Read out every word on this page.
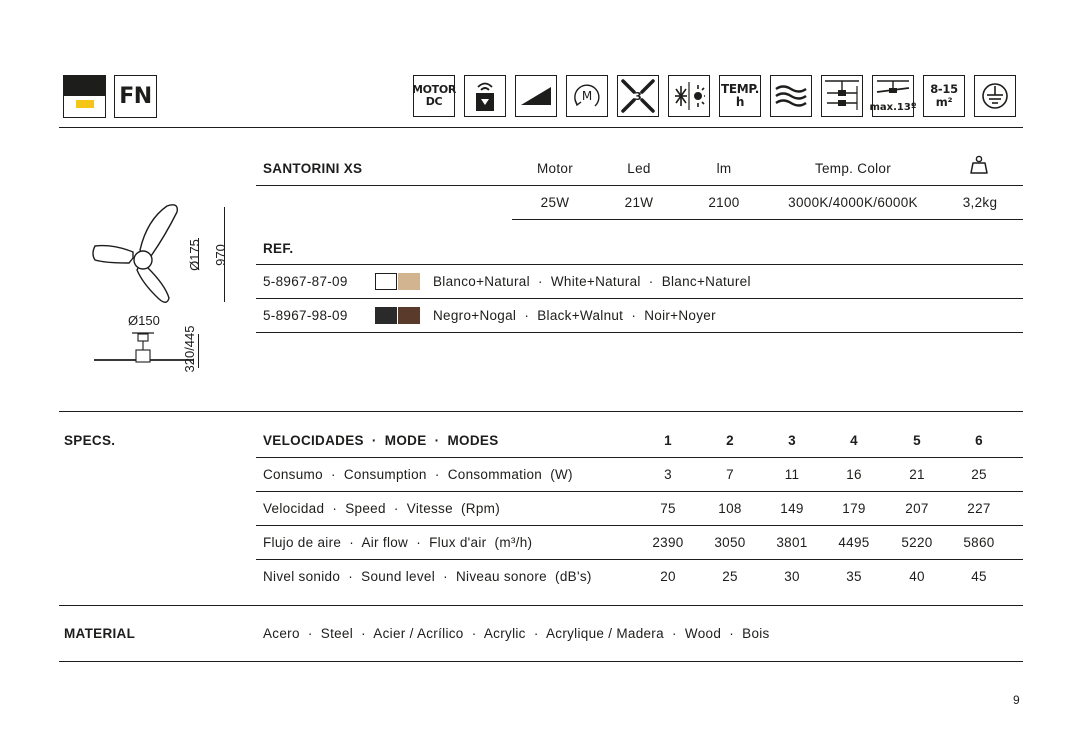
FN	MOTOR
DC	M	3
TEMP.
h	max.13º
8-15
m²
Ø175 970
Ø150
320/445
SANTORINI XS	Motor	Led	lm	Temp. Color
25W	21W	2100	3000K/4000K/6000K	3,2kg
REF.
5-8967-87-09	Blanco+Natural  ·  White+Natural  ·  Blanc+Naturel
5-8967-98-09	Negro+Nogal  ·  Black+Walnut  ·  Noir+Noyer
SPECS.	VELOCIDADES  ·  MODE  ·  MODES	1	2	3	4	5	6
Consumo  ·  Consumption  ·  Consommation  (W)	3	7	11	16	21	25
Velocidad  ·  Speed  ·  Vitesse  (Rpm)	75	108	149	179	207	227
Flujo de aire  ·  Air flow  ·  Flux d'air  (m³/h)	2390	3050	3801	4495	5220	5860
Nivel sonido  ·  Sound level  ·  Niveau sonore  (dB's)	20	25	30	35	40	45
MATERIAL	Acero  ·  Steel  ·  Acier / Acrílico  ·  Acrylic  ·  Acrylique / Madera  ·  Wood  ·  Bois
9
